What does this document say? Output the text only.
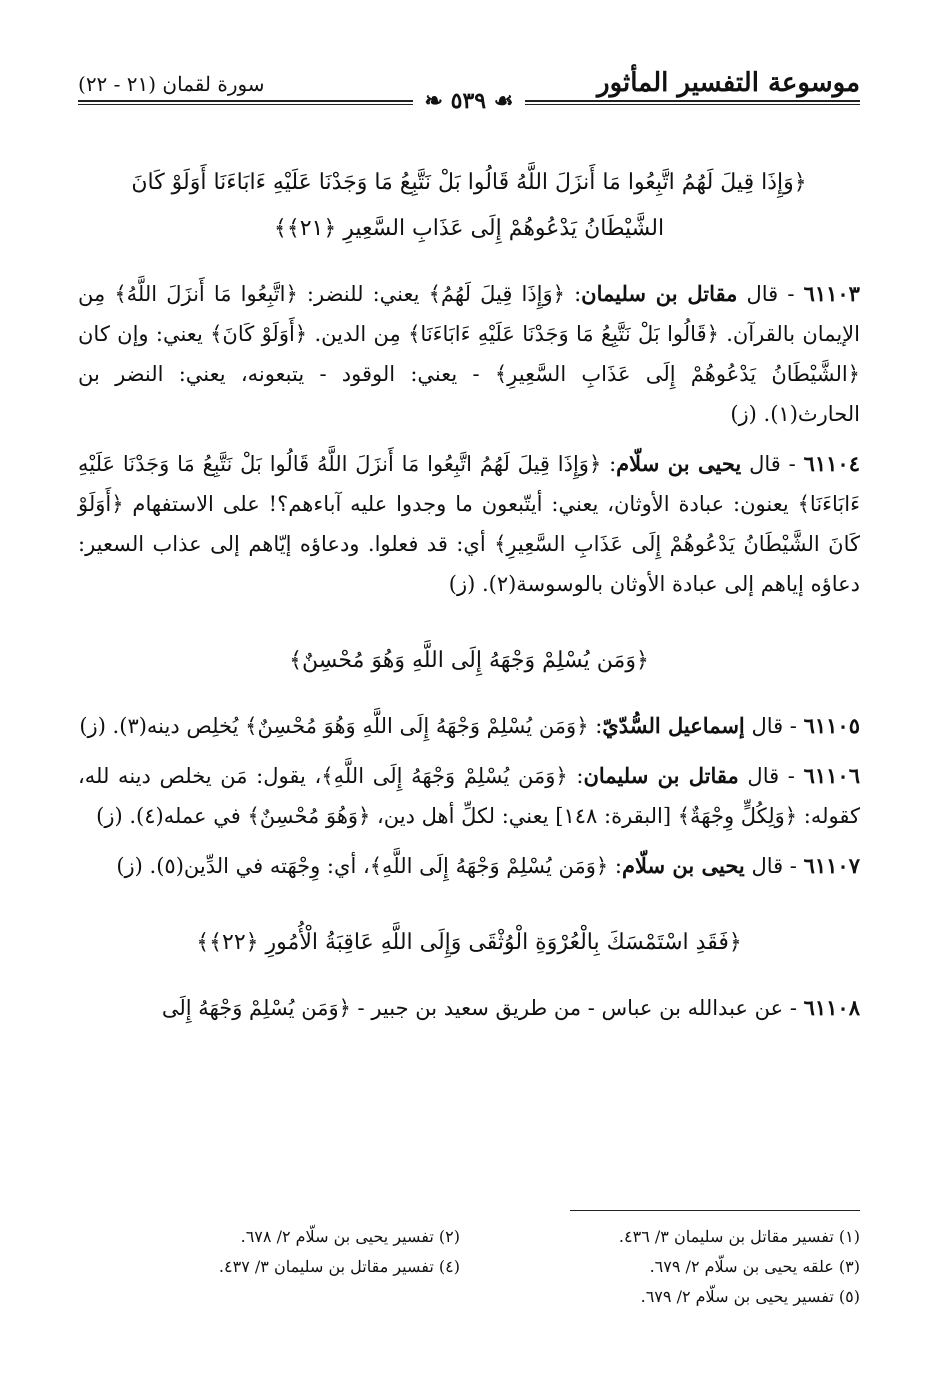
موسوعة التفسير المأثور
سورة لقمان (٢١ - ٢٢)
❧ ٥٣٩ ☙
﴿وَإِذَا قِيلَ لَهُمُ اتَّبِعُوا مَا أَنزَلَ اللَّهُ قَالُوا بَلْ نَتَّبِعُ مَا وَجَدْنَا عَلَيْهِ ءَابَاءَنَا أَوَلَوْ كَانَ الشَّيْطَانُ يَدْعُوهُمْ إِلَى عَذَابِ السَّعِيرِ ﴿٢١﴾﴾
٦١١٠٣ - قال مقاتل بن سليمان: ﴿وَإِذَا قِيلَ لَهُمُ﴾ يعني: للنضر: ﴿اتَّبِعُوا مَا أَنزَلَ اللَّهُ﴾ مِن الإيمان بالقرآن. ﴿قَالُوا بَلْ نَتَّبِعُ مَا وَجَدْنَا عَلَيْهِ ءَابَاءَنَا﴾ مِن الدين. ﴿أَوَلَوْ كَانَ﴾ يعني: وإن كان ﴿الشَّيْطَانُ يَدْعُوهُمْ إِلَى عَذَابِ السَّعِيرِ﴾ - يعني: الوقود - يتبعونه، يعني: النضر بن الحارث(١). (ز)
٦١١٠٤ - قال يحيى بن سلّام: ﴿وَإِذَا قِيلَ لَهُمُ اتَّبِعُوا مَا أَنزَلَ اللَّهُ قَالُوا بَلْ نَتَّبِعُ مَا وَجَدْنَا عَلَيْهِ ءَابَاءَنَا﴾ يعنون: عبادة الأوثان، يعني: أيتّبعون ما وجدوا عليه آباءهم؟! على الاستفهام ﴿أَوَلَوْ كَانَ الشَّيْطَانُ يَدْعُوهُمْ إِلَى عَذَابِ السَّعِيرِ﴾ أي: قد فعلوا. ودعاؤه إيّاهم إلى عذاب السعير: دعاؤه إياهم إلى عبادة الأوثان بالوسوسة(٢). (ز)
﴿وَمَن يُسْلِمْ وَجْهَهُ إِلَى اللَّهِ وَهُوَ مُحْسِنٌ﴾
٦١١٠٥ - قال إسماعيل السُّدّيّ: ﴿وَمَن يُسْلِمْ وَجْهَهُ إِلَى اللَّهِ وَهُوَ مُحْسِنٌ﴾ يُخلِص دينه(٣). (ز)
٦١١٠٦ - قال مقاتل بن سليمان: ﴿وَمَن يُسْلِمْ وَجْهَهُ إِلَى اللَّهِ﴾، يقول: مَن يخلص دينه لله، كقوله: ﴿وَلِكُلٍّ وِجْهَةٌ﴾ [البقرة: ١٤٨] يعني: لكلِّ أهل دين، ﴿وَهُوَ مُحْسِنٌ﴾ في عمله(٤). (ز)
٦١١٠٧ - قال يحيى بن سلّام: ﴿وَمَن يُسْلِمْ وَجْهَهُ إِلَى اللَّهِ﴾، أي: وِجْهَته في الدِّين(٥). (ز)
﴿فَقَدِ اسْتَمْسَكَ بِالْعُرْوَةِ الْوُثْقَى وَإِلَى اللَّهِ عَاقِبَةُ الْأُمُورِ ﴿٢٢﴾﴾
٦١١٠٨ - عن عبدالله بن عباس - من طريق سعيد بن جبير - ﴿وَمَن يُسْلِمْ وَجْهَهُ إِلَى
(١) تفسير مقاتل بن سليمان ٣/ ٤٣٦.
(٢) تفسير يحيى بن سلّام ٢/ ٦٧٨.
(٣) علقه يحيى بن سلّام ٢/ ٦٧٩.
(٤) تفسير مقاتل بن سليمان ٣/ ٤٣٧.
(٥) تفسير يحيى بن سلّام ٢/ ٦٧٩.
